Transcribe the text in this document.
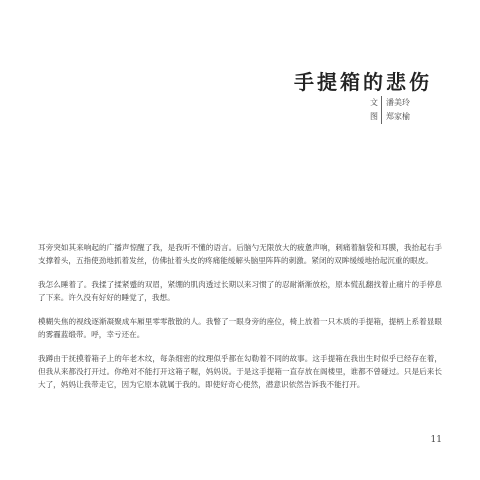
手提箱的悲伤
文 潘美玲
图 郑家榆

耳旁突如其来响起的广播声惊醒了我，是我听不懂的语言。后脑勺无限放大的疲惫声响，刺痛着脑袋和耳膜，我抬起右手支撑着头，五指使劲地抓着发丝，仿佛扯着头皮的疼痛能缓解头脑里阵阵的刺激。紧闭的双眸缓缓地抬起沉重的眼皮。

我怎么睡着了。我揉了揉紧蹙的双眉，紧绷的肌肉透过长期以来习惯了的忍耐渐渐放松，原本慌乱翻找着止痛片的手停息了下来。许久没有好好的睡觉了，我想。

模糊失焦的视线逐渐凝聚成车厢里零零散散的人。我瞥了一眼身旁的座位，椅上放着一只木质的手提箱，提柄上系着显眼的雾霾蓝缎带。呼，幸亏还在。

我蹲由于抚摸着箱子上的年老木纹，每条细密的纹理似乎都在勾勒着不同的故事。这手提箱在我出生时似乎已经存在着，但我从来都没打开过。你绝对不能打开这箱子喔，妈妈说。于是这手提箱一直存放在阁楼里，谁都不曾碰过。只是后来长大了，妈妈让我带走它，因为它原本就属于我的。即使好奇心使然，潜意识依然告诉我不能打开。

11
